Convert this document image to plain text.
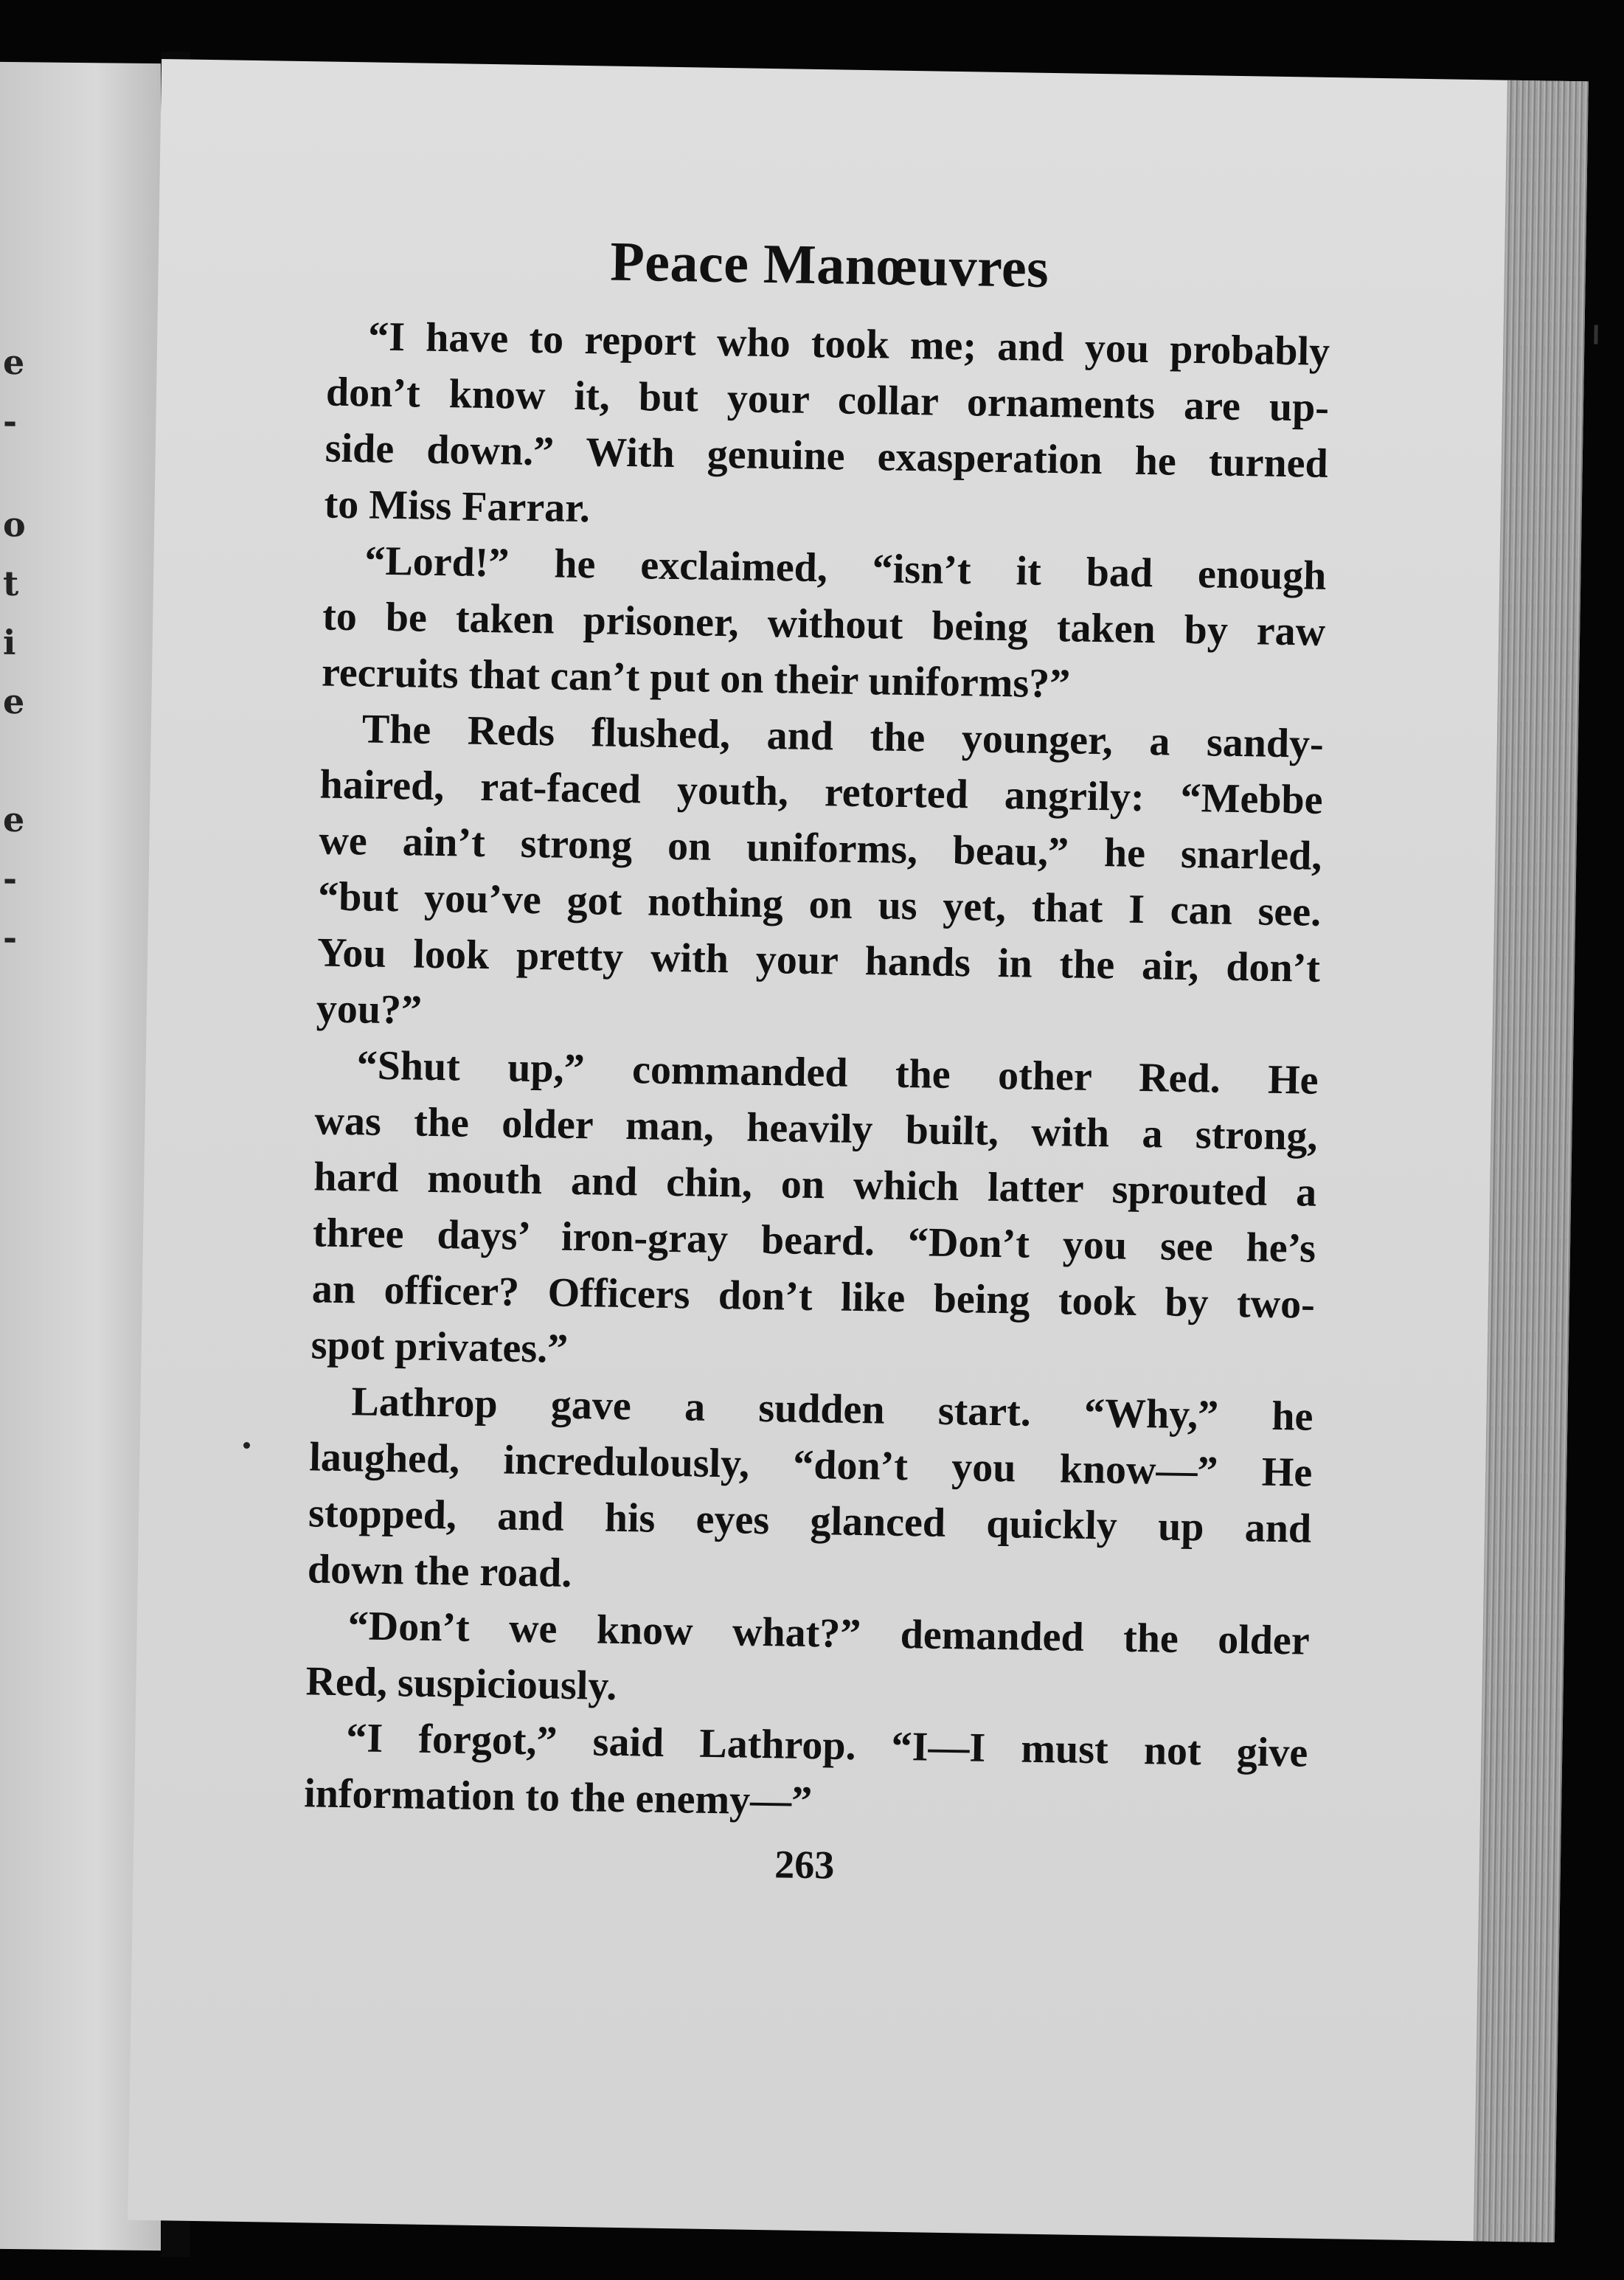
e
-
o
t
i
e
e
-
-
Peace Manœuvres
“I have to report who took me; and you probably
don’t know it, but your collar ornaments are up-
side down.” With genuine exasperation he turned
to Miss Farrar.
“Lord!” he exclaimed, “isn’t it bad enough
to be taken prisoner, without being taken by raw
recruits that can’t put on their uniforms?”
The Reds flushed, and the younger, a sandy-
haired, rat-faced youth, retorted angrily: “Mebbe
we ain’t strong on uniforms, beau,” he snarled,
“but you’ve got nothing on us yet, that I can see.
You look pretty with your hands in the air, don’t
you?”
“Shut up,” commanded the other Red. He
was the older man, heavily built, with a strong,
hard mouth and chin, on which latter sprouted a
three days’ iron-gray beard. “Don’t you see he’s
an officer? Officers don’t like being took by two-
spot privates.”
Lathrop gave a sudden start. “Why,” he
laughed, incredulously, “don’t you know—” He
stopped, and his eyes glanced quickly up and
down the road.
“Don’t we know what?” demanded the older
Red, suspiciously.
“I forgot,” said Lathrop. “I—I must not give
information to the enemy—”
263
